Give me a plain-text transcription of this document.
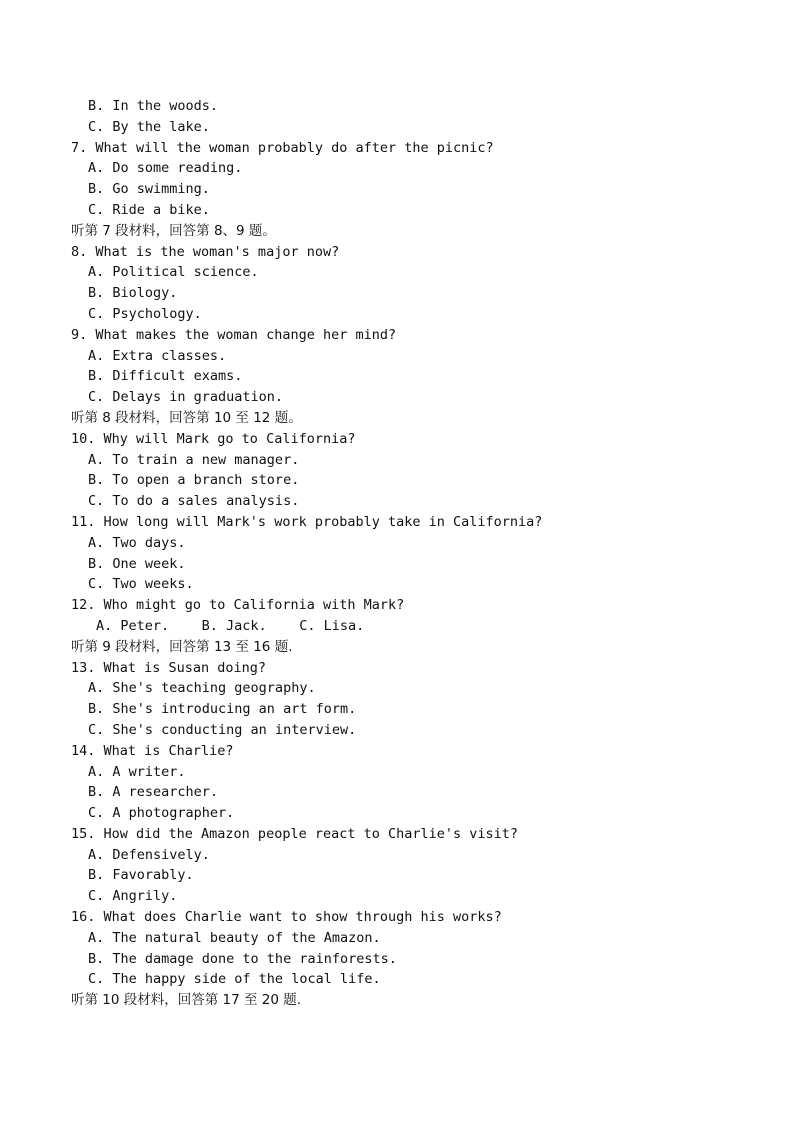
B. In the woods.
C. By the lake.
7. What will the woman probably do after the picnic?
A. Do some reading.
B. Go swimming.
C. Ride a bike.
听第 7 段材料，回答第 8、9 题。
8. What is the woman's major now?
A. Political science.
B. Biology.
C. Psychology.
9. What makes the woman change her mind?
A. Extra classes.
B. Difficult exams.
C. Delays in graduation.
听第 8 段材料，回答第 10 至 12 题。
10. Why will Mark go to California?
A. To train a new manager.
B. To open a branch store.
C. To do a sales analysis.
11. How long will Mark's work probably take in California?
A. Two days.
B. One week.
C. Two weeks.
12. Who might go to California with Mark?
A. Peter.    B. Jack.    C. Lisa.
听第 9 段材料，回答第 13 至 16 题.
13. What is Susan doing?
A. She's teaching geography.
B. She's introducing an art form.
C. She's conducting an interview.
14. What is Charlie?
A. A writer.
B. A researcher.
C. A photographer.
15. How did the Amazon people react to Charlie's visit?
A. Defensively.
B. Favorably.
C. Angrily.
16. What does Charlie want to show through his works?
A. The natural beauty of the Amazon.
B. The damage done to the rainforests.
C. The happy side of the local life.
听第 10 段材料，回答第 17 至 20 题.
